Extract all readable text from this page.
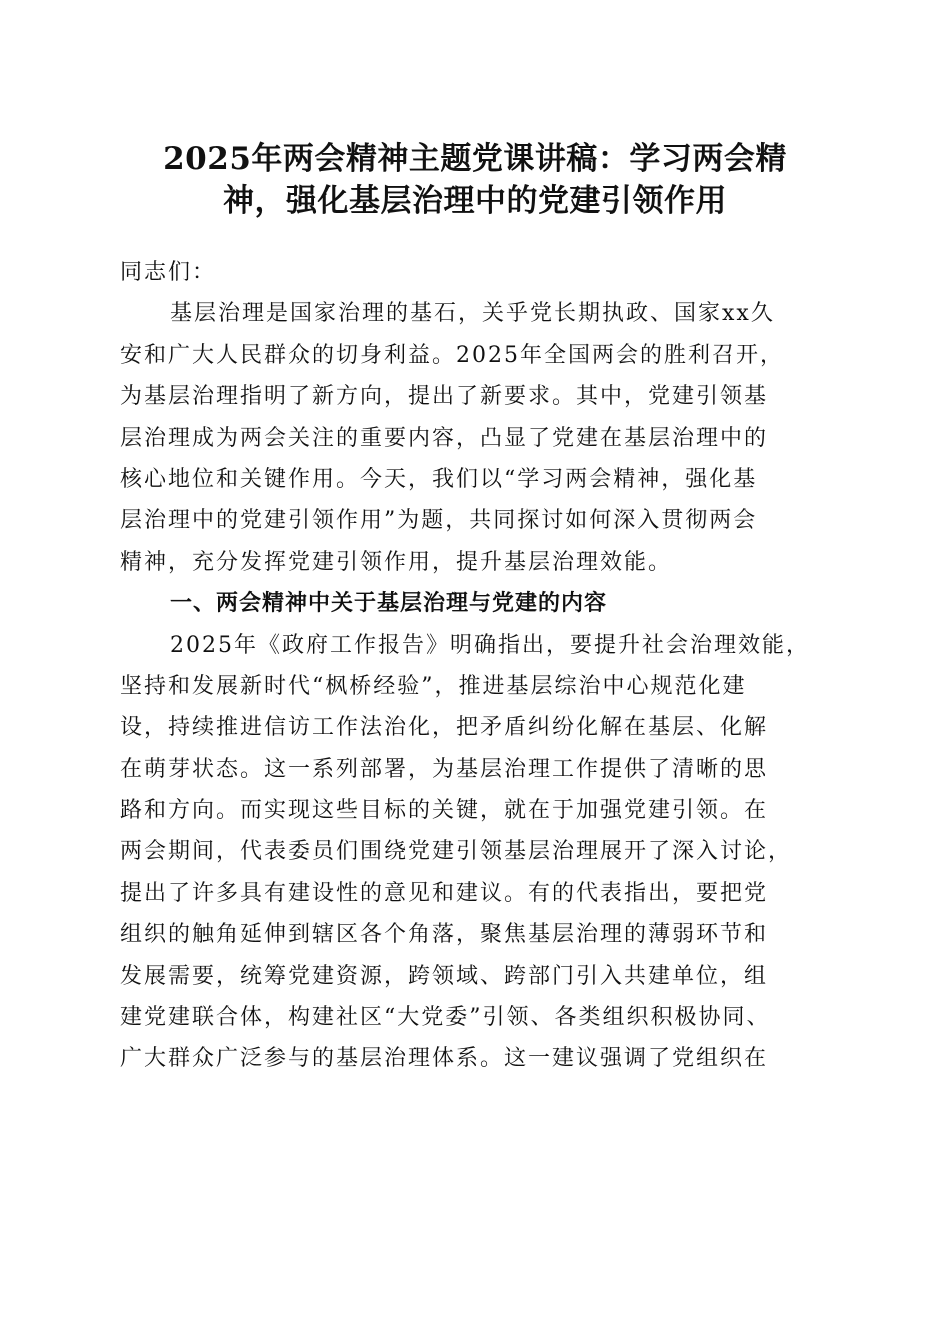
2025年两会精神主题党课讲稿：学习两会精
神，强化基层治理中的党建引领作用
同志们：
基层治理是国家治理的基石，关乎党长期执政、国家xx久
安和广大人民群众的切身利益。2025年全国两会的胜利召开，
为基层治理指明了新方向，提出了新要求。其中，党建引领基
层治理成为两会关注的重要内容，凸显了党建在基层治理中的
核心地位和关键作用。今天，我们以“学习两会精神，强化基
层治理中的党建引领作用”为题，共同探讨如何深入贯彻两会
精神，充分发挥党建引领作用，提升基层治理效能。
一、两会精神中关于基层治理与党建的内容
2025年《政府工作报告》明确指出，要提升社会治理效能，
坚持和发展新时代“枫桥经验”，推进基层综治中心规范化建
设，持续推进信访工作法治化，把矛盾纠纷化解在基层、化解
在萌芽状态。这一系列部署，为基层治理工作提供了清晰的思
路和方向。而实现这些目标的关键，就在于加强党建引领。在
两会期间，代表委员们围绕党建引领基层治理展开了深入讨论，
提出了许多具有建设性的意见和建议。有的代表指出，要把党
组织的触角延伸到辖区各个角落，聚焦基层治理的薄弱环节和
发展需要，统筹党建资源，跨领域、跨部门引入共建单位，组
建党建联合体，构建社区“大党委”引领、各类组织积极协同、
广大群众广泛参与的基层治理体系。这一建议强调了党组织在
